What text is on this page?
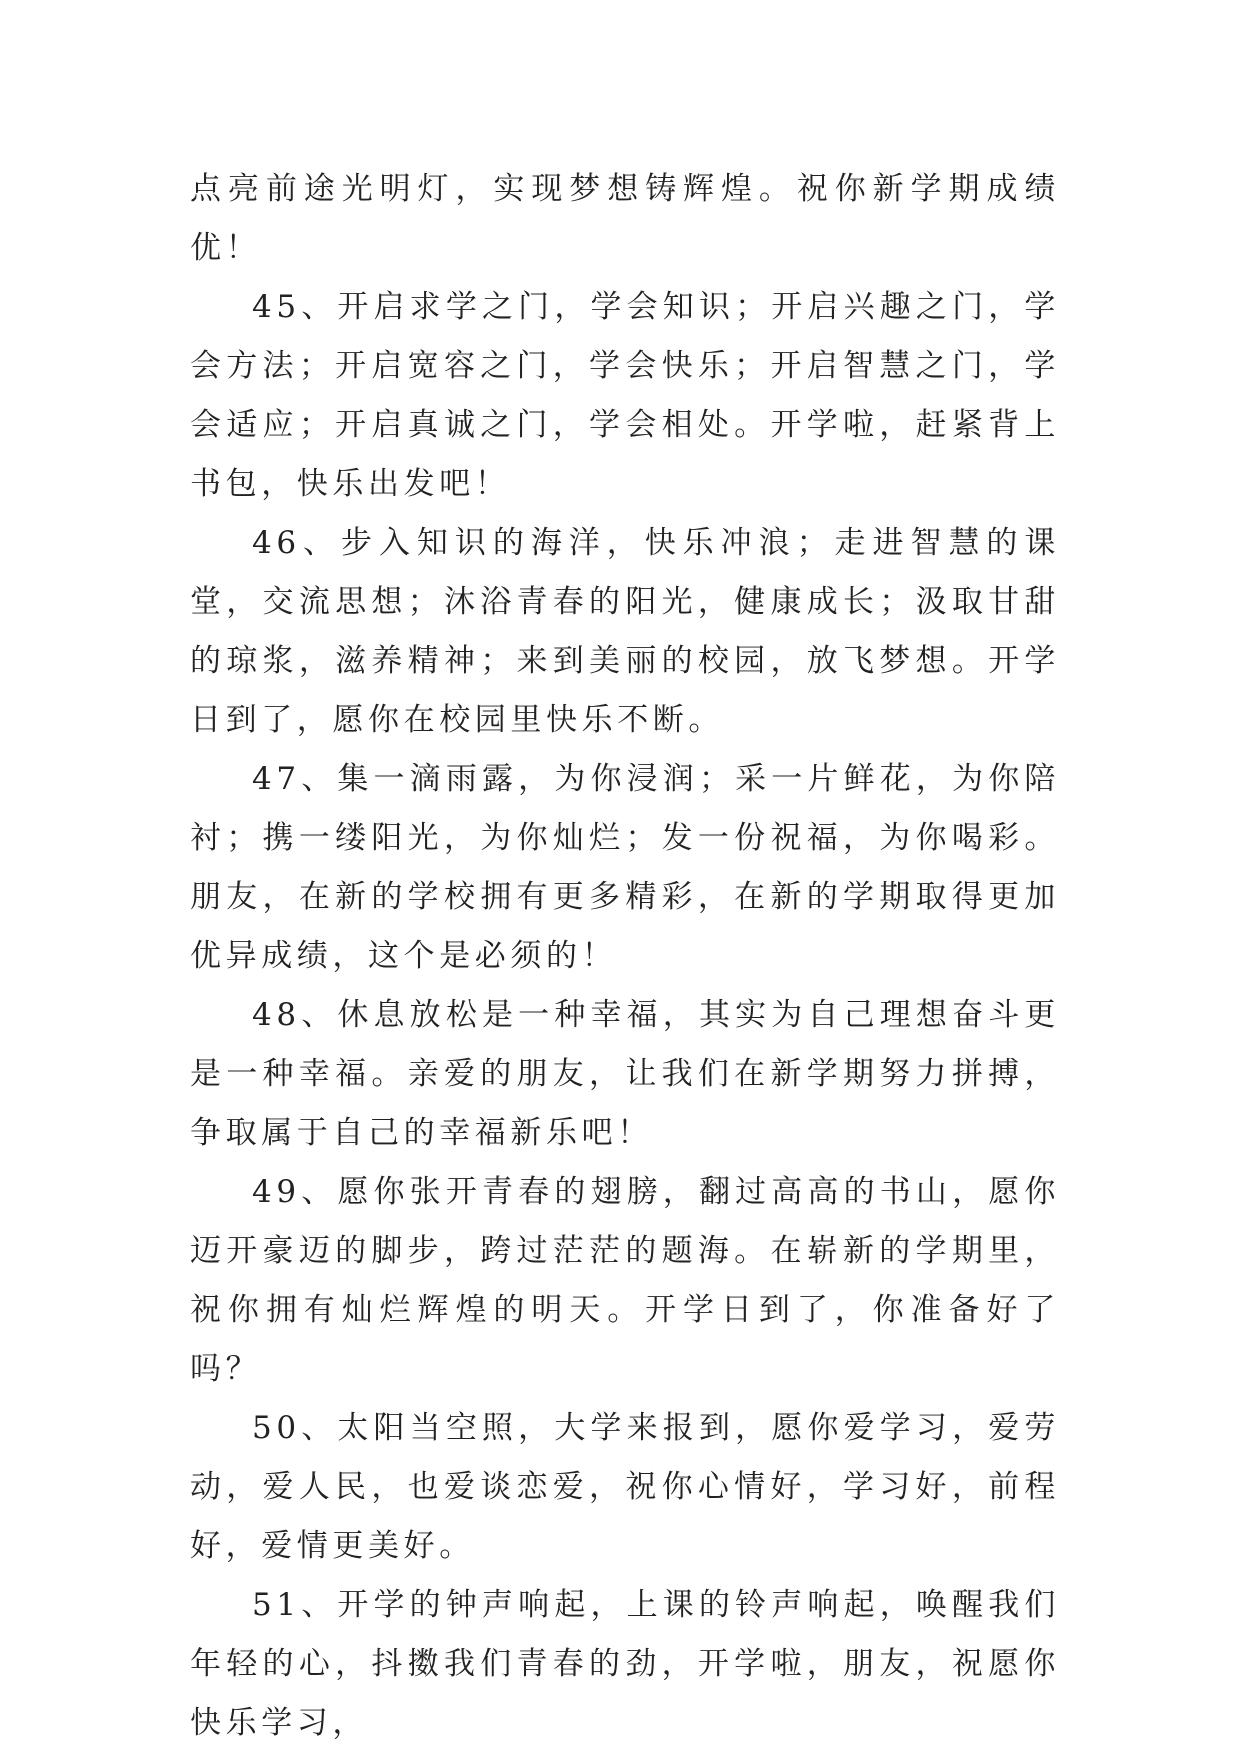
点亮前途光明灯，实现梦想铸辉煌。祝你新学期成绩优！

45、开启求学之门，学会知识；开启兴趣之门，学会方法；开启宽容之门，学会快乐；开启智慧之门，学会适应；开启真诚之门，学会相处。开学啦，赶紧背上书包，快乐出发吧！

46、步入知识的海洋，快乐冲浪；走进智慧的课堂，交流思想；沐浴青春的阳光，健康成长；汲取甘甜的琼浆，滋养精神；来到美丽的校园，放飞梦想。开学日到了，愿你在校园里快乐不断。

47、集一滴雨露，为你浸润；采一片鲜花，为你陪衬；携一缕阳光，为你灿烂；发一份祝福，为你喝彩。朋友，在新的学校拥有更多精彩，在新的学期取得更加优异成绩，这个是必须的！

48、休息放松是一种幸福，其实为自己理想奋斗更是一种幸福。亲爱的朋友，让我们在新学期努力拼搏，争取属于自己的幸福新乐吧！

49、愿你张开青春的翅膀，翻过高高的书山，愿你迈开豪迈的脚步，跨过茫茫的题海。在崭新的学期里，祝你拥有灿烂辉煌的明天。开学日到了，你准备好了吗？

50、太阳当空照，大学来报到，愿你爱学习，爱劳动，爱人民，也爱谈恋爱，祝你心情好，学习好，前程好，爱情更美好。

51、开学的钟声响起，上课的铃声响起，唤醒我们年轻的心，抖擞我们青春的劲，开学啦，朋友，祝愿你快乐学习，
